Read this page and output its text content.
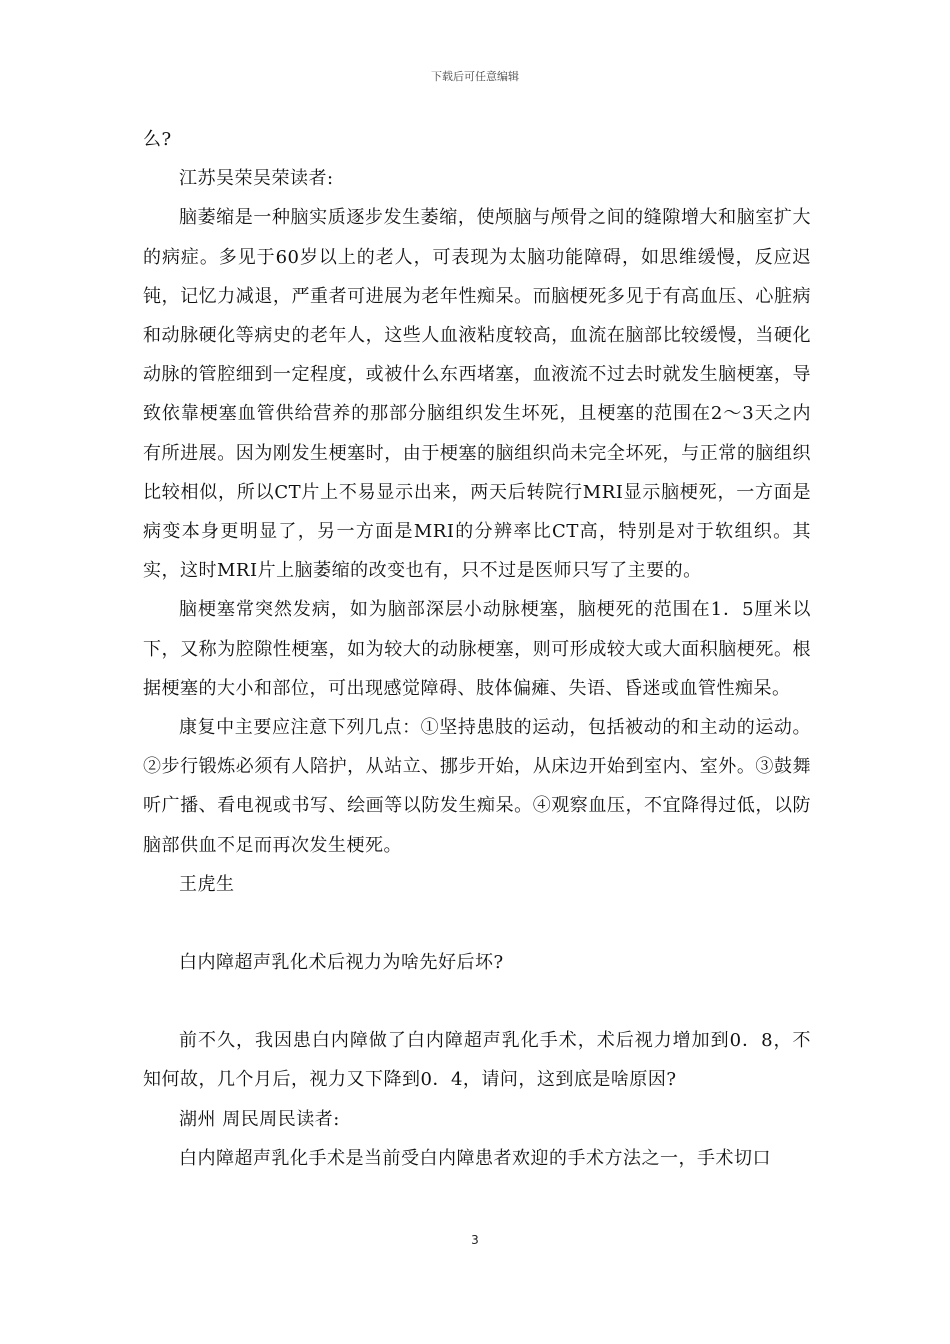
下载后可任意编辑

么?

江苏吴荣吴荣读者:

脑萎缩是一种脑实质逐步发生萎缩，使颅脑与颅骨之间的缝隙增大和脑室扩大的病症。多见于60岁以上的老人，可表现为太脑功能障碍，如思维缓慢，反应迟钝，记忆力减退，严重者可进展为老年性痴呆。而脑梗死多见于有高血压、心脏病和动脉硬化等病史的老年人，这些人血液粘度较高，血流在脑部比较缓慢，当硬化动脉的管腔细到一定程度，或被什么东西堵塞，血液流不过去时就发生脑梗塞，导致依靠梗塞血管供给营养的那部分脑组织发生坏死，且梗塞的范围在2～3天之内有所进展。因为刚发生梗塞时，由于梗塞的脑组织尚未完全坏死，与正常的脑组织比较相似，所以CT片上不易显示出来，两天后转院行MRI显示脑梗死，一方面是病变本身更明显了，另一方面是MRI的分辨率比CT高，特别是对于软组织。其实，这时MRI片上脑萎缩的改变也有，只不过是医师只写了主要的。

脑梗塞常突然发病，如为脑部深层小动脉梗塞，脑梗死的范围在1．5厘米以下，又称为腔隙性梗塞，如为较大的动脉梗塞，则可形成较大或大面积脑梗死。根据梗塞的大小和部位，可出现感觉障碍、肢体偏瘫、失语、昏迷或血管性痴呆。

康复中主要应注意下列几点：①坚持患肢的运动，包括被动的和主动的运动。②步行锻炼必须有人陪护，从站立、挪步开始，从床边开始到室内、室外。③鼓舞听广播、看电视或书写、绘画等以防发生痴呆。④观察血压，不宜降得过低，以防脑部供血不足而再次发生梗死。

王虎生

白内障超声乳化术后视力为啥先好后坏?

前不久，我因患白内障做了白内障超声乳化手术，术后视力增加到0．8，不知何故，几个月后，视力又下降到0．4，请问，这到底是啥原因?

湖州 周民周民读者:

白内障超声乳化手术是当前受白内障患者欢迎的手术方法之一，手术切口

3
